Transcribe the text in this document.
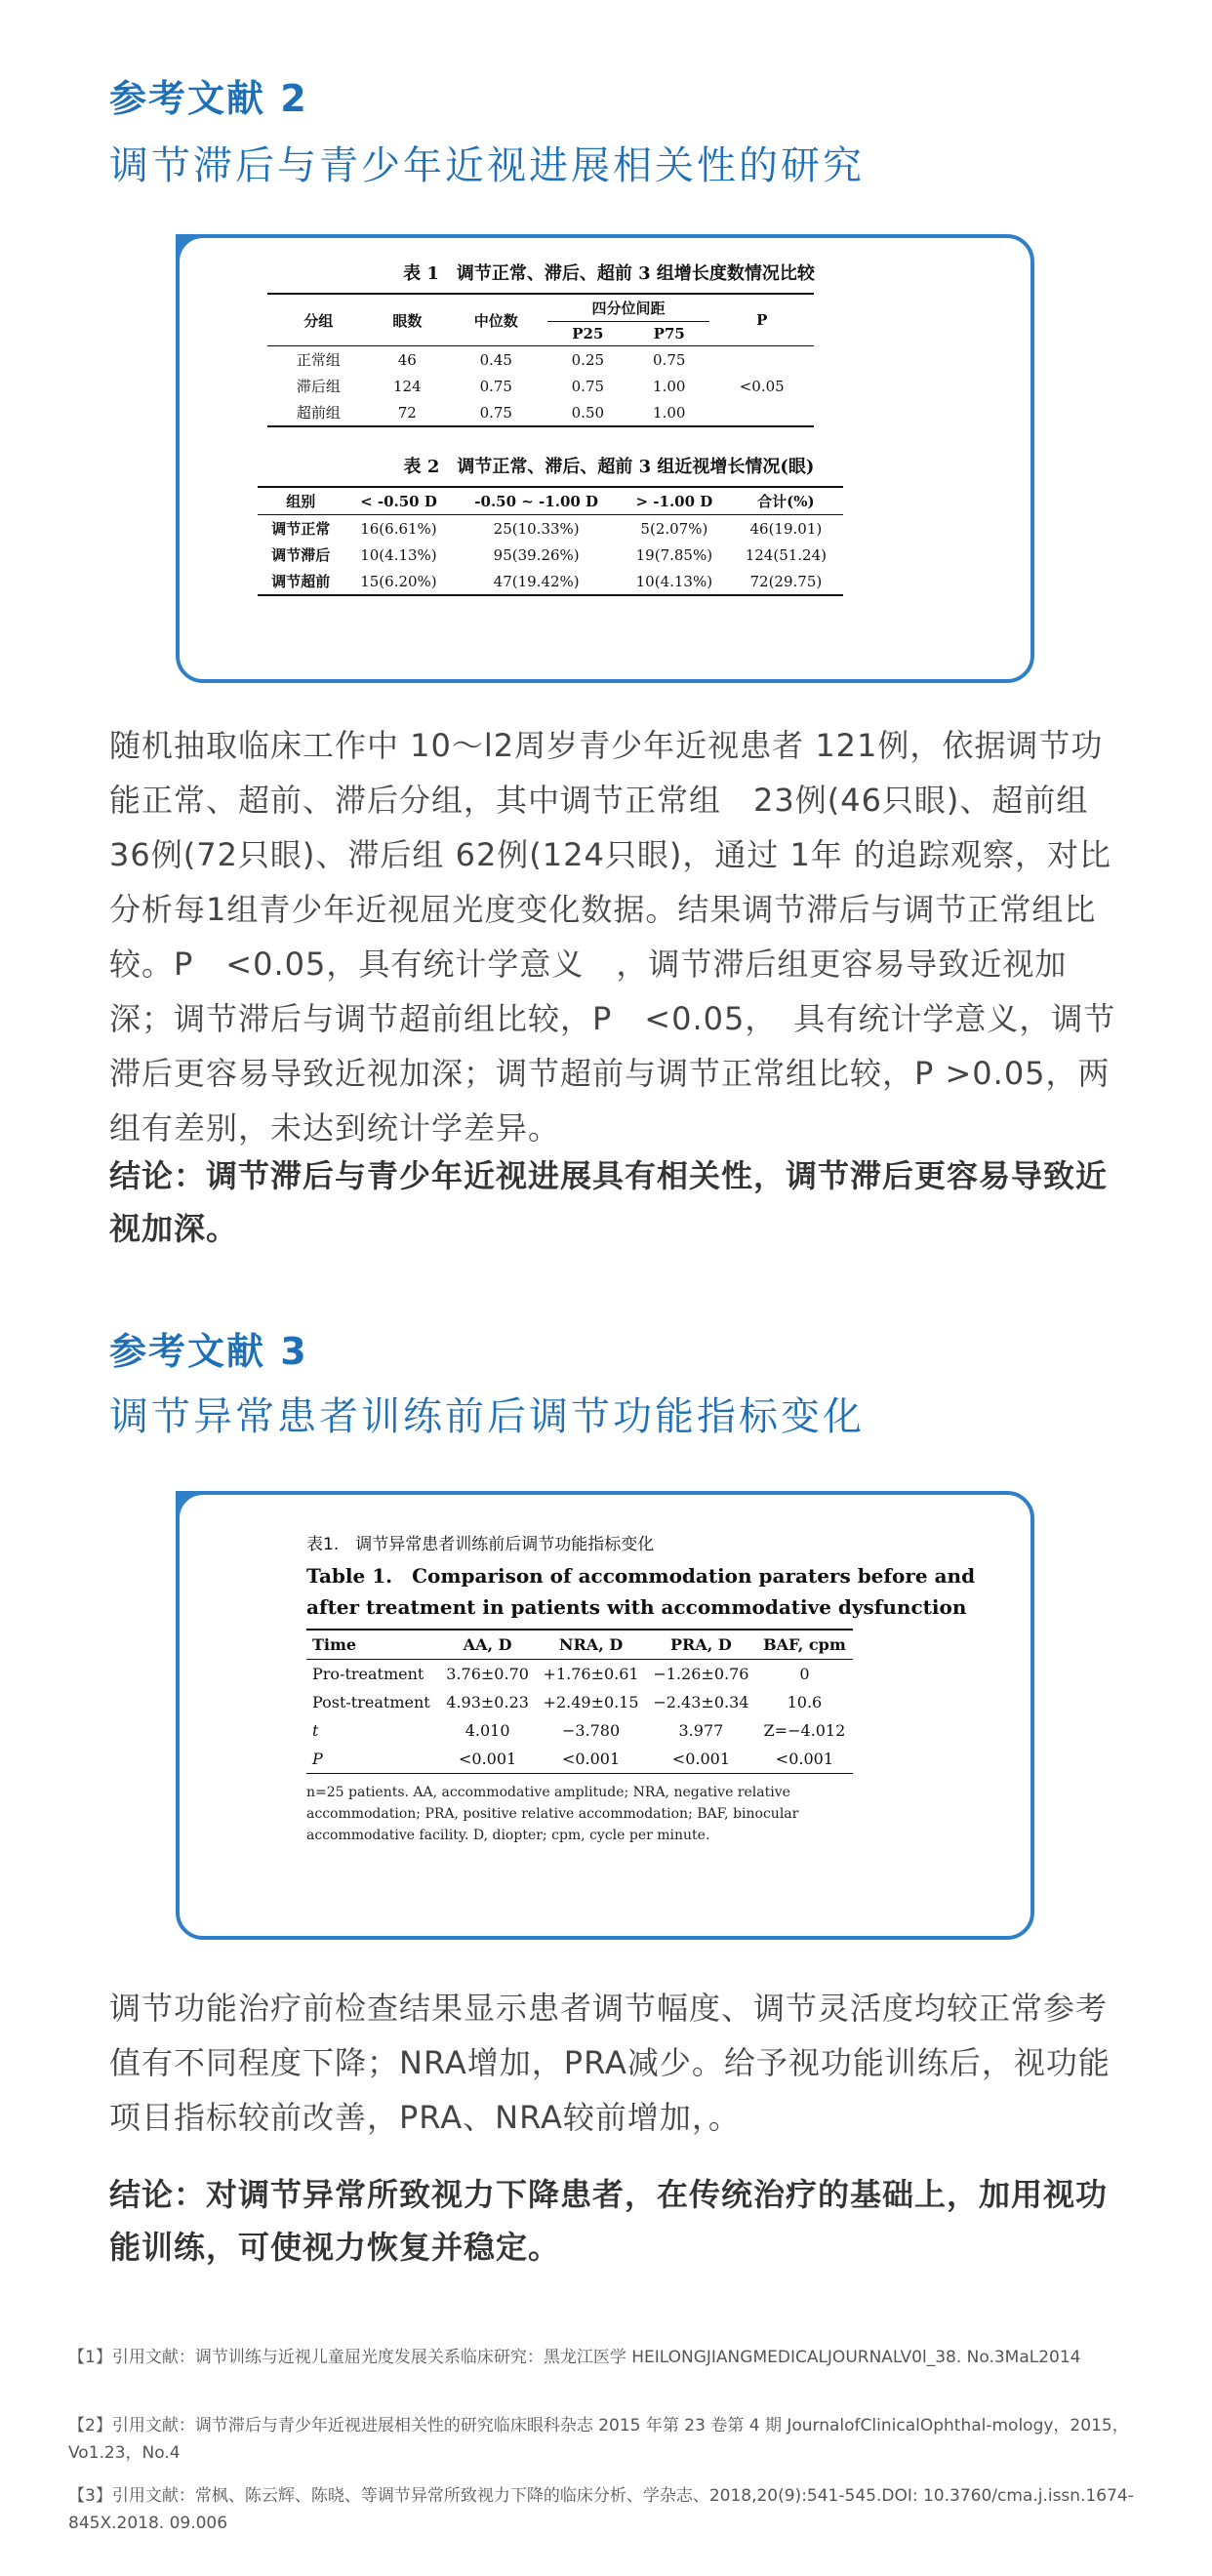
参考文献 2
调节滞后与青少年近视进展相关性的研究
表 1　调节正常、滞后、超前 3 组增长度数情况比较
分组	眼数	中位数	四分位间距		P
			P25	P75	
正常组	46	0.45	0.25	0.75	
滞后组	124	0.75	0.75	1.00	<0.05
超前组	72	0.75	0.50	1.00	
表 2　调节正常、滞后、超前 3 组近视增长情况(眼)
组别	< -0.50 D	-0.50 ~ -1.00 D	> -1.00 D	合计(%)
调节正常	16(6.61%)	25(10.33%)	5(2.07%)	46(19.01)
调节滞后	10(4.13%)	95(39.26%)	19(7.85%)	124(51.24)
调节超前	15(6.20%)	47(19.42%)	10(4.13%)	72(29.75)
随机抽取临床工作中 10～l2周岁青少年近视患者 121例，依据调节功能正常、超前、滞后分组，其中调节正常组　23例(46只眼)、超前组　36例(72只眼)、滞后组 62例(124只眼)，通过 1年 的追踪观察，对比分析每1组青少年近视屈光度变化数据。结果调节滞后与调节正常组比较。P　<0.05，具有统计学意义　，调节滞后组更容易导致近视加深；调节滞后与调节超前组比较，P　<0.05，　具有统计学意义，调节滞后更容易导致近视加深；调节超前与调节正常组比较，P >0.05，两组有差别，未达到统计学差异。
结论：调节滞后与青少年近视进展具有相关性，调节滞后更容易导致近视加深。
参考文献 3
调节异常患者训练前后调节功能指标变化
表1.　调节异常患者训练前后调节功能指标变化
Table 1.　Comparison of accommodation paraters before and after treatment in patients with accommodative dysfunction
Time	AA, D	NRA, D	PRA, D	BAF, cpm
Pro-treatment	3.76±0.70	+1.76±0.61	−1.26±0.76	0
Post-treatment	4.93±0.23	+2.49±0.15	−2.43±0.34	10.6
t	4.010	−3.780	3.977	Z=−4.012
P	<0.001	<0.001	<0.001	<0.001
n=25 patients. AA, accommodative amplitude; NRA, negative relative accommodation; PRA, positive relative accommodation; BAF, binocular accommodative facility. D, diopter; cpm, cycle per minute.
调节功能治疗前检查结果显示患者调节幅度、调节灵活度均较正常参考值有不同程度下降；NRA增加，PRA减少。给予视功能训练后，视功能项目指标较前改善，PRA、NRA较前增加，。
结论：对调节异常所致视力下降患者，在传统治疗的基础上，加用视功能训练，可使视力恢复并稳定。
【1】引用文献：调节训练与近视儿童屈光度发展关系临床研究：黑龙江医学 HEILONGJIANGMEDICALJOURNALV0l_38. No.3MaL2014
【2】引用文献：调节滞后与青少年近视进展相关性的研究临床眼科杂志 2015 年第 23 卷第 4 期 JournalofClinicalOphthal-mology，2015，Vo1.23，No.4
【3】引用文献：常枫、陈云辉、陈晓、等调节异常所致视力下降的临床分析、学杂志、2018,20(9):541-545.DOI: 10.3760/cma.j.issn.1674-845X.2018. 09.006
